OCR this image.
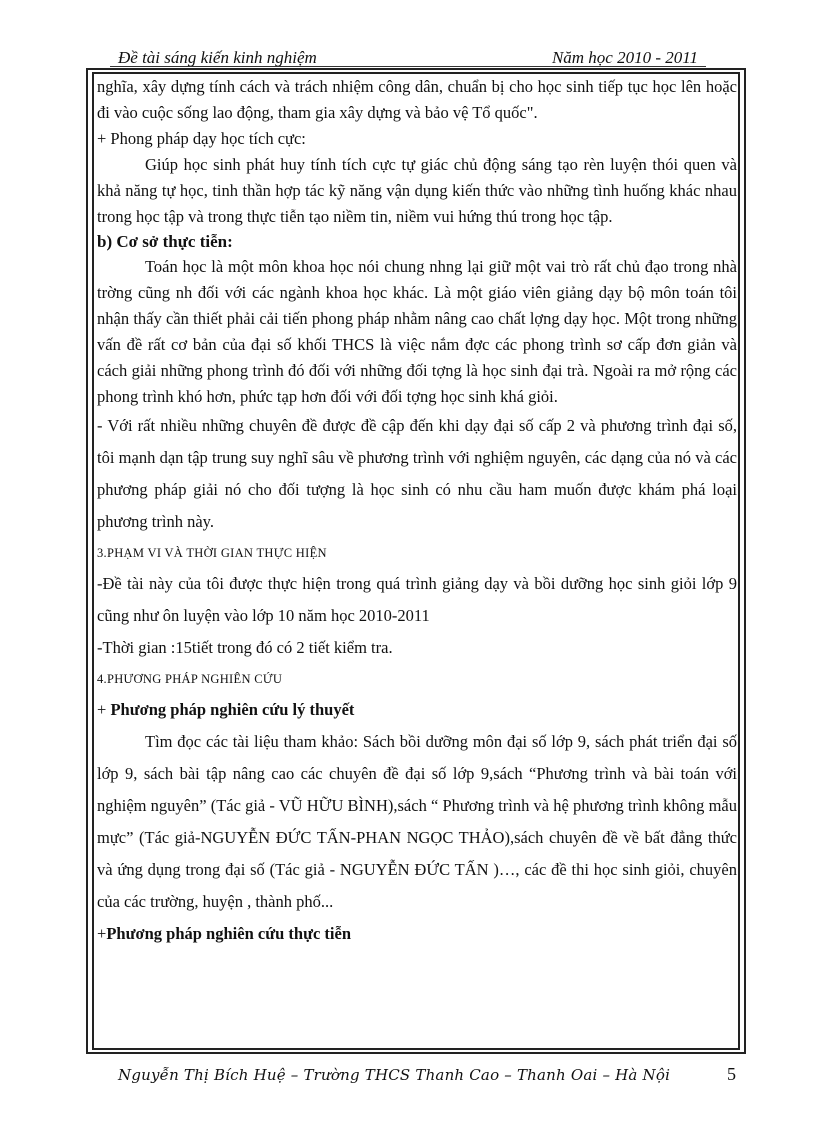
Đề tài sáng kiến kinh nghiệm	Năm học 2010 - 2011

nghĩa, xây dựng tính cách và trách nhiệm công dân, chuẩn bị cho học sinh tiếp tục học lên hoặc đi vào cuộc sống lao động, tham gia xây dựng và bảo vệ Tổ quốc".

+ Phong pháp dạy học tích cực:

Giúp học sinh phát huy tính tích cực tự giác chủ động sáng tạo rèn luyện thói quen và khả năng tự học, tinh thần hợp tác kỹ năng vận dụng kiến thức vào những tình huống khác nhau trong học tập và trong thực tiễn tạo niềm tin, niềm vui hứng thú trong học tập.

b) Cơ sở thực tiễn:

Toán học là một môn khoa học nói chung nhng lại giữ một vai trò rất chủ đạo trong nhà trờng cũng nh đối với các ngành khoa học khác. Là một giáo viên giảng dạy bộ môn toán tôi nhận thấy cần thiết phải cải tiến phong pháp nhằm nâng cao chất lợng dạy học. Một trong những vấn đề rất cơ bản của đại số khối THCS là việc nắm đợc các phong trình sơ cấp đơn giản và cách giải những phong trình đó đối với những đối tợng là học sinh đại trà. Ngoài ra mở rộng các phong trình khó hơn, phức tạp hơn đối với đối tợng học sinh khá giỏi.

- Với rất nhiều những chuyên đề được đề cập đến khi dạy đại số cấp 2 và phương trình đại số, tôi mạnh dạn tập trung suy nghĩ sâu về phương trình với nghiệm nguyên, các dạng của nó và các phương pháp giải nó cho đối tượng là học sinh có nhu cầu ham muốn được khám phá loại phương trình này.

3.PHẠM VI VÀ THỜI GIAN THỰC HIỆN

-Đề tài này của tôi được thực hiện trong quá trình giảng dạy và bồi dưỡng học sinh giỏi lớp 9 cũng như ôn luyện vào lớp 10 năm học 2010-2011

-Thời gian :15tiết trong đó có 2 tiết kiểm tra.

4.PHƯƠNG PHÁP NGHIÊN CỨU

+ Phương pháp nghiên cứu lý thuyết

Tìm đọc các tài liệu tham khảo: Sách bồi dưỡng môn đại số lớp 9, sách phát triển đại số lớp 9, sách bài tập nâng cao các chuyên đề đại số lớp 9,sách “Phương trình và bài toán với nghiệm nguyên” (Tác giả - VŨ HỮU BÌNH),sách “ Phương trình và hệ phương trình không mẫu mực” (Tác giả-NGUYỄN ĐỨC TẤN-PHAN NGỌC THẢO),sách chuyên đề về bất đẳng thức và ứng dụng trong đại số (Tác giả - NGUYỄN ĐỨC TẤN )…, các đề thi học sinh giỏi, chuyên của các trường, huyện , thành phố...

+Phương pháp nghiên cứu thực tiễn

Nguyễn Thị Bích Huệ – Trường THCS Thanh Cao – Thanh Oai – Hà Nội	5
